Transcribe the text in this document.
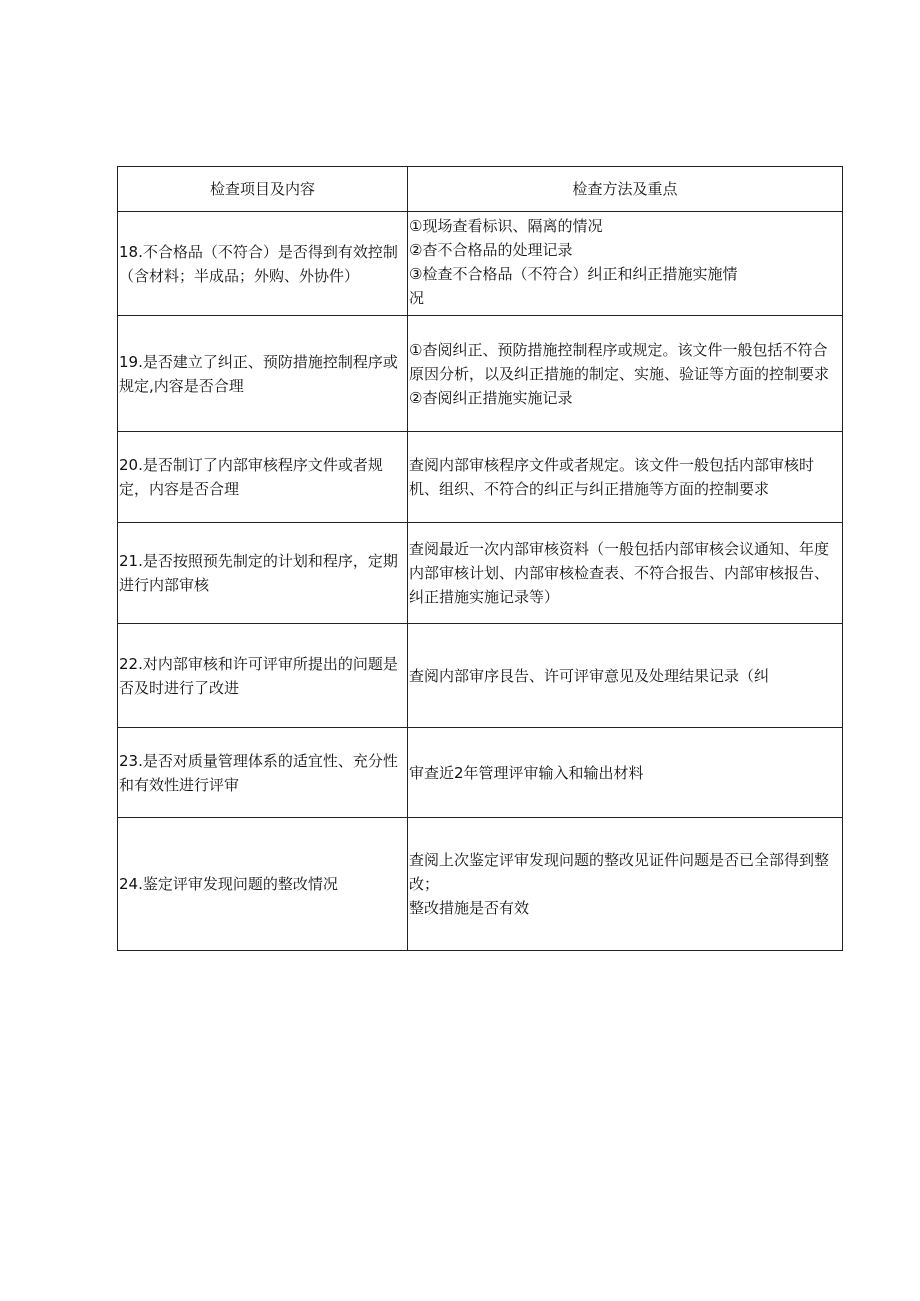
检查项目及内容	检查方法及重点
18.不合格品（不符合）是否得到有效控制（含材料；半成品；外购、外协件）	①现场查看标识、隔离的情况
②杳不合格品的处理记录
③检查不合格品（不符合）纠正和纠正措施实施情
况

19.是否建立了纠正、预防措施控制程序或规定,内容是否合理	①杳阅纠正、预防措施控制程序或规定。该文件一般包括不符合原因分析，以及纠正措施的制定、实施、验证等方面的控制要求
②杳阅纠正措施实施记录

20.是否制订了内部审核程序文件或者规定，内容是否合理	查阅内部审核程序文件或者规定。该文件一般包括内部审核时机、组织、不符合的纠正与纠正措施等方面的控制要求

21.是否按照预先制定的计划和程序，定期进行内部审核	查阅最近一次内部审核资料（一般包括内部审核会议通知、年度内部审核计划、内部审核检查表、不符合报告、内部审核报告、纠正措施实施记录等）

22.对内部审核和许可评审所提出的问题是否及时进行了改进	查阅内部审序艮告、许可评审意见及处理结果记录（纠

23.是否对质量管理体系的适宜性、充分性和有效性进行评审	审查近2年管理评审输入和输出材料

24.鉴定评审发现问题的整改情况	查阅上次鉴定评审发现问题的整改见证件问题是否已全部得到整改；
整改措施是否有效
